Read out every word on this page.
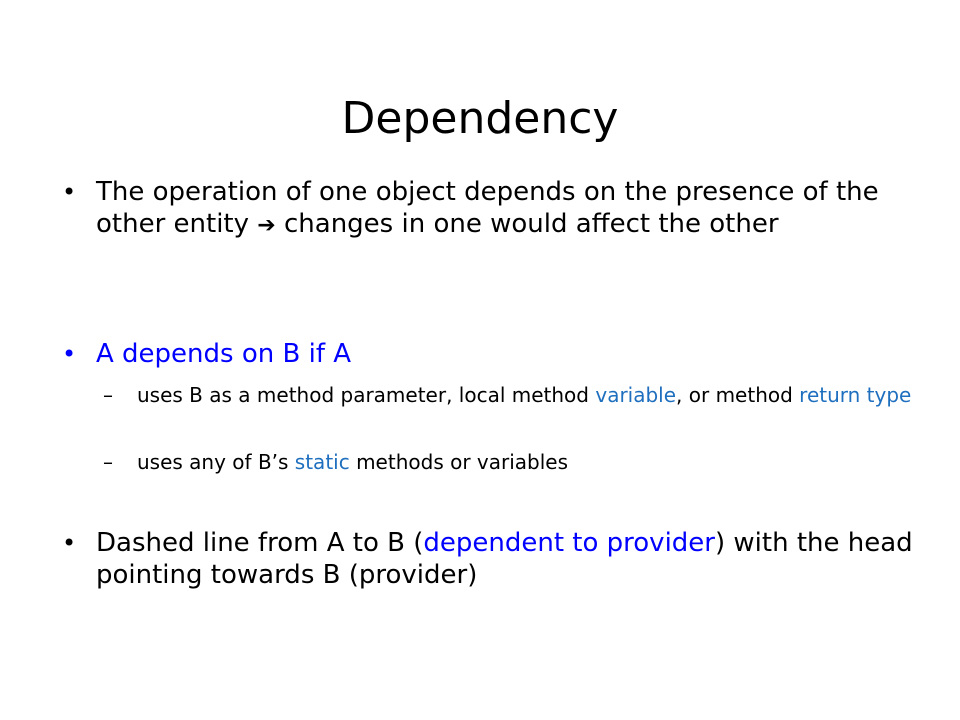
Dependency
• The operation of one object depends on the presence of the other entity ➔ changes in one would affect the other
• A depends on B if A
– uses B as a method parameter, local method variable, or method return type
– uses any of B’s static methods or variables
• Dashed line from A to B (dependent to provider) with the head pointing towards B (provider)
